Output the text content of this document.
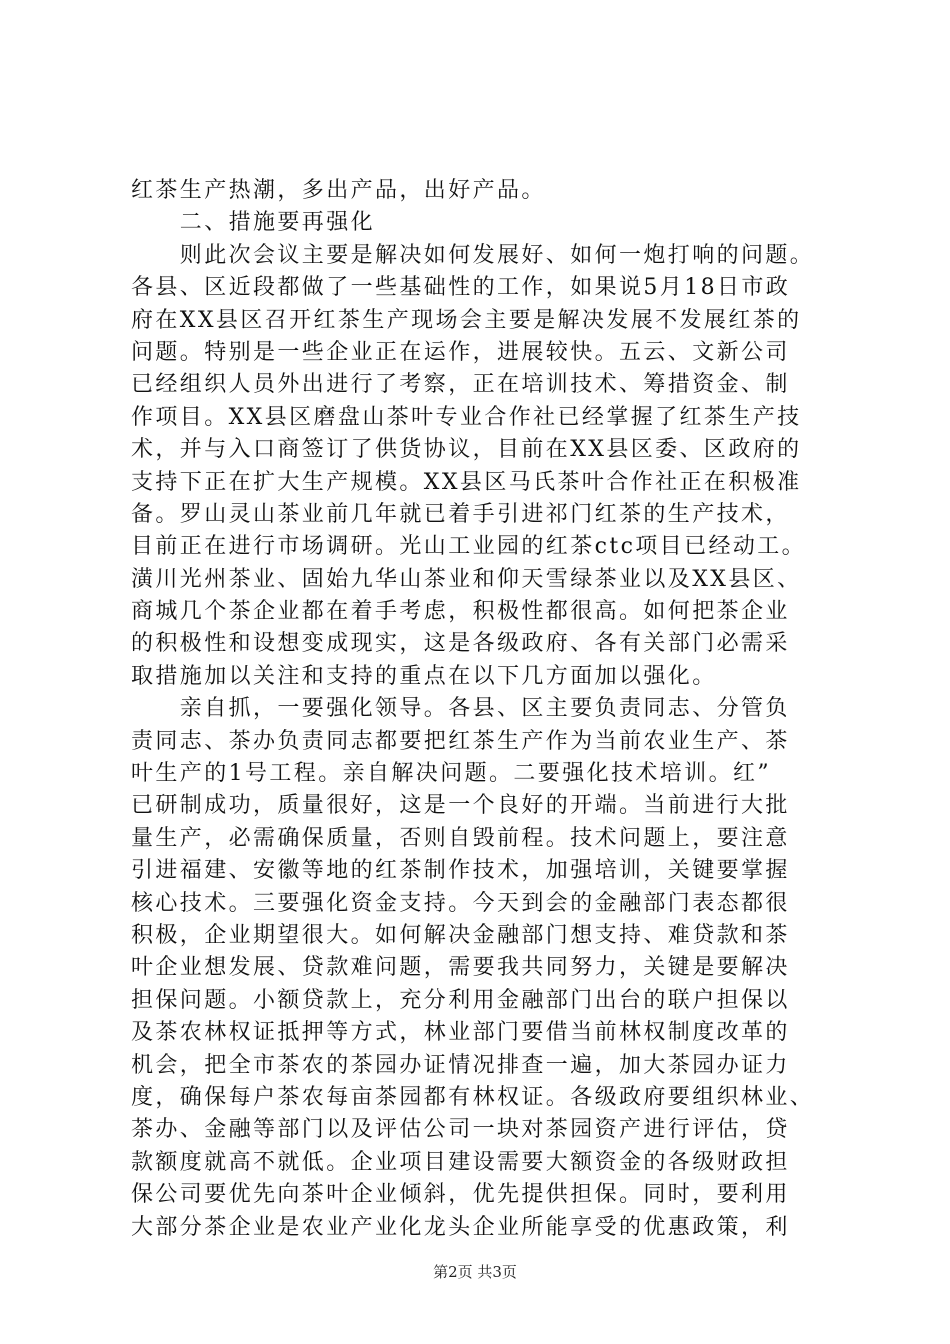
红茶生产热潮，多出产品，出好产品。
　　二、措施要再强化
　　则此次会议主要是解决如何发展好、如何一炮打响的问题。
各县、区近段都做了一些基础性的工作，如果说5月18日市政
府在XX县区召开红茶生产现场会主要是解决发展不发展红茶的
问题。特别是一些企业正在运作，进展较快。五云、文新公司
已经组织人员外出进行了考察，正在培训技术、筹措资金、制
作项目。XX县区磨盘山茶叶专业合作社已经掌握了红茶生产技
术，并与入口商签订了供货协议，目前在XX县区委、区政府的
支持下正在扩大生产规模。XX县区马氏茶叶合作社正在积极准
备。罗山灵山茶业前几年就已着手引进祁门红茶的生产技术，
目前正在进行市场调研。光山工业园的红茶ctc项目已经动工。
潢川光州茶业、固始九华山茶业和仰天雪绿茶业以及XX县区、
商城几个茶企业都在着手考虑，积极性都很高。如何把茶企业
的积极性和设想变成现实，这是各级政府、各有关部门必需采
取措施加以关注和支持的重点在以下几方面加以强化。
　　亲自抓，一要强化领导。各县、区主要负责同志、分管负
责同志、茶办负责同志都要把红茶生产作为当前农业生产、茶
叶生产的1号工程。亲自解决问题。二要强化技术培训。红”
已研制成功，质量很好，这是一个良好的开端。当前进行大批
量生产，必需确保质量，否则自毁前程。技术问题上，要注意
引进福建、安徽等地的红茶制作技术，加强培训，关键要掌握
核心技术。三要强化资金支持。今天到会的金融部门表态都很
积极，企业期望很大。如何解决金融部门想支持、难贷款和茶
叶企业想发展、贷款难问题，需要我共同努力，关键是要解决
担保问题。小额贷款上，充分利用金融部门出台的联户担保以
及茶农林权证抵押等方式，林业部门要借当前林权制度改革的
机会，把全市茶农的茶园办证情况排查一遍，加大茶园办证力
度，确保每户茶农每亩茶园都有林权证。各级政府要组织林业、
茶办、金融等部门以及评估公司一块对茶园资产进行评估，贷
款额度就高不就低。企业项目建设需要大额资金的各级财政担
保公司要优先向茶叶企业倾斜，优先提供担保。同时，要利用
大部分茶企业是农业产业化龙头企业所能享受的优惠政策，利
第2页 共3页
